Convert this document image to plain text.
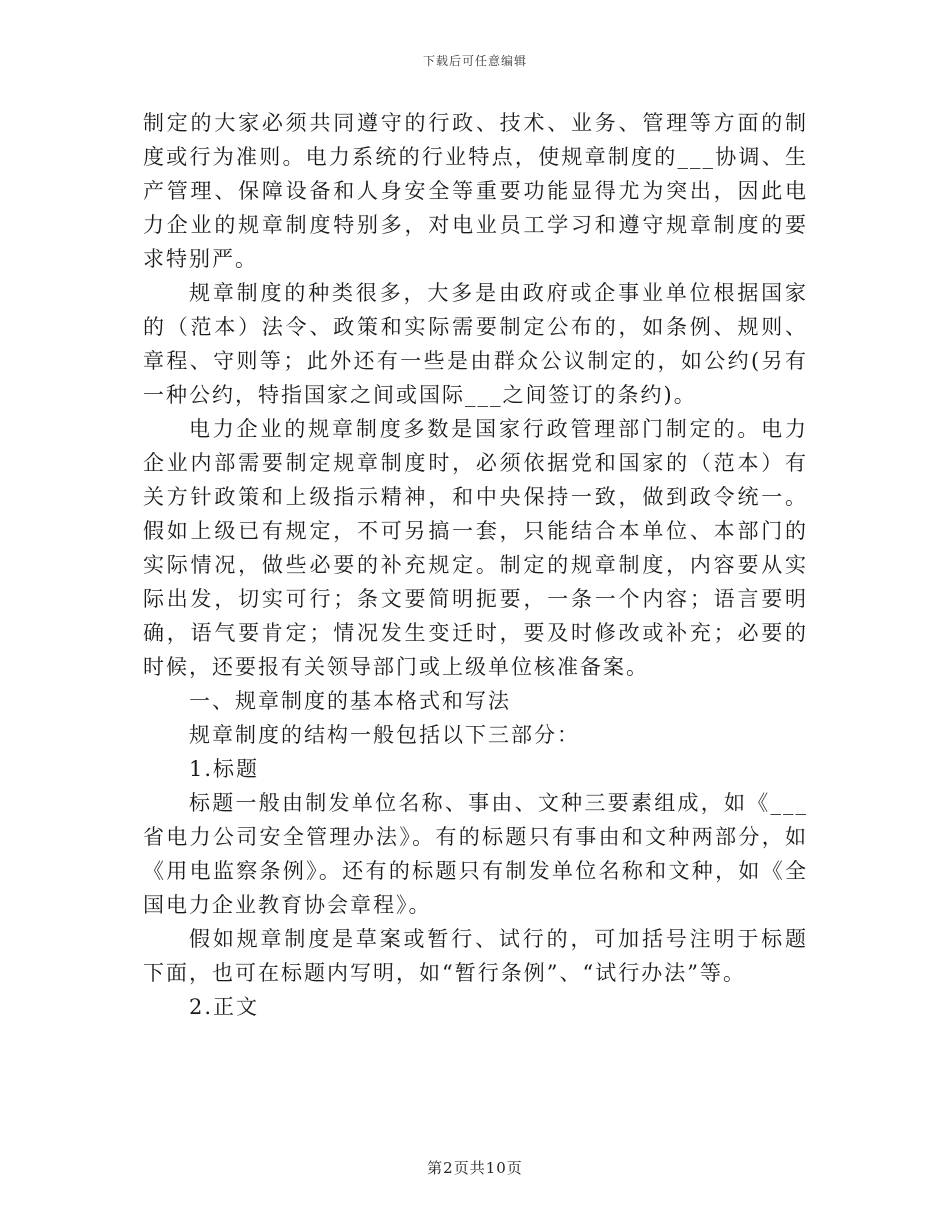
下载后可任意编辑

制定的大家必须共同遵守的行政、技术、业务、管理等方面的制度或行为准则。电力系统的行业特点，使规章制度的___协调、生产管理、保障设备和人身安全等重要功能显得尤为突出，因此电力企业的规章制度特别多，对电业员工学习和遵守规章制度的要求特别严。

规章制度的种类很多，大多是由政府或企事业单位根据国家的（范本）法令、政策和实际需要制定公布的，如条例、规则、章程、守则等；此外还有一些是由群众公议制定的，如公约(另有一种公约，特指国家之间或国际___之间签订的条约)。

电力企业的规章制度多数是国家行政管理部门制定的。电力企业内部需要制定规章制度时，必须依据党和国家的（范本）有关方针政策和上级指示精神，和中央保持一致，做到政令统一。假如上级已有规定，不可另搞一套，只能结合本单位、本部门的实际情况，做些必要的补充规定。制定的规章制度，内容要从实际出发，切实可行；条文要简明扼要，一条一个内容；语言要明确，语气要肯定；情况发生变迁时，要及时修改或补充；必要的时候，还要报有关领导部门或上级单位核准备案。

一、规章制度的基本格式和写法

规章制度的结构一般包括以下三部分：

1.标题

标题一般由制发单位名称、事由、文种三要素组成，如《___省电力公司安全管理办法》。有的标题只有事由和文种两部分，如《用电监察条例》。还有的标题只有制发单位名称和文种，如《全国电力企业教育协会章程》。

假如规章制度是草案或暂行、试行的，可加括号注明于标题下面，也可在标题内写明，如“暂行条例”、“试行办法”等。

2.正文

第2页共10页
